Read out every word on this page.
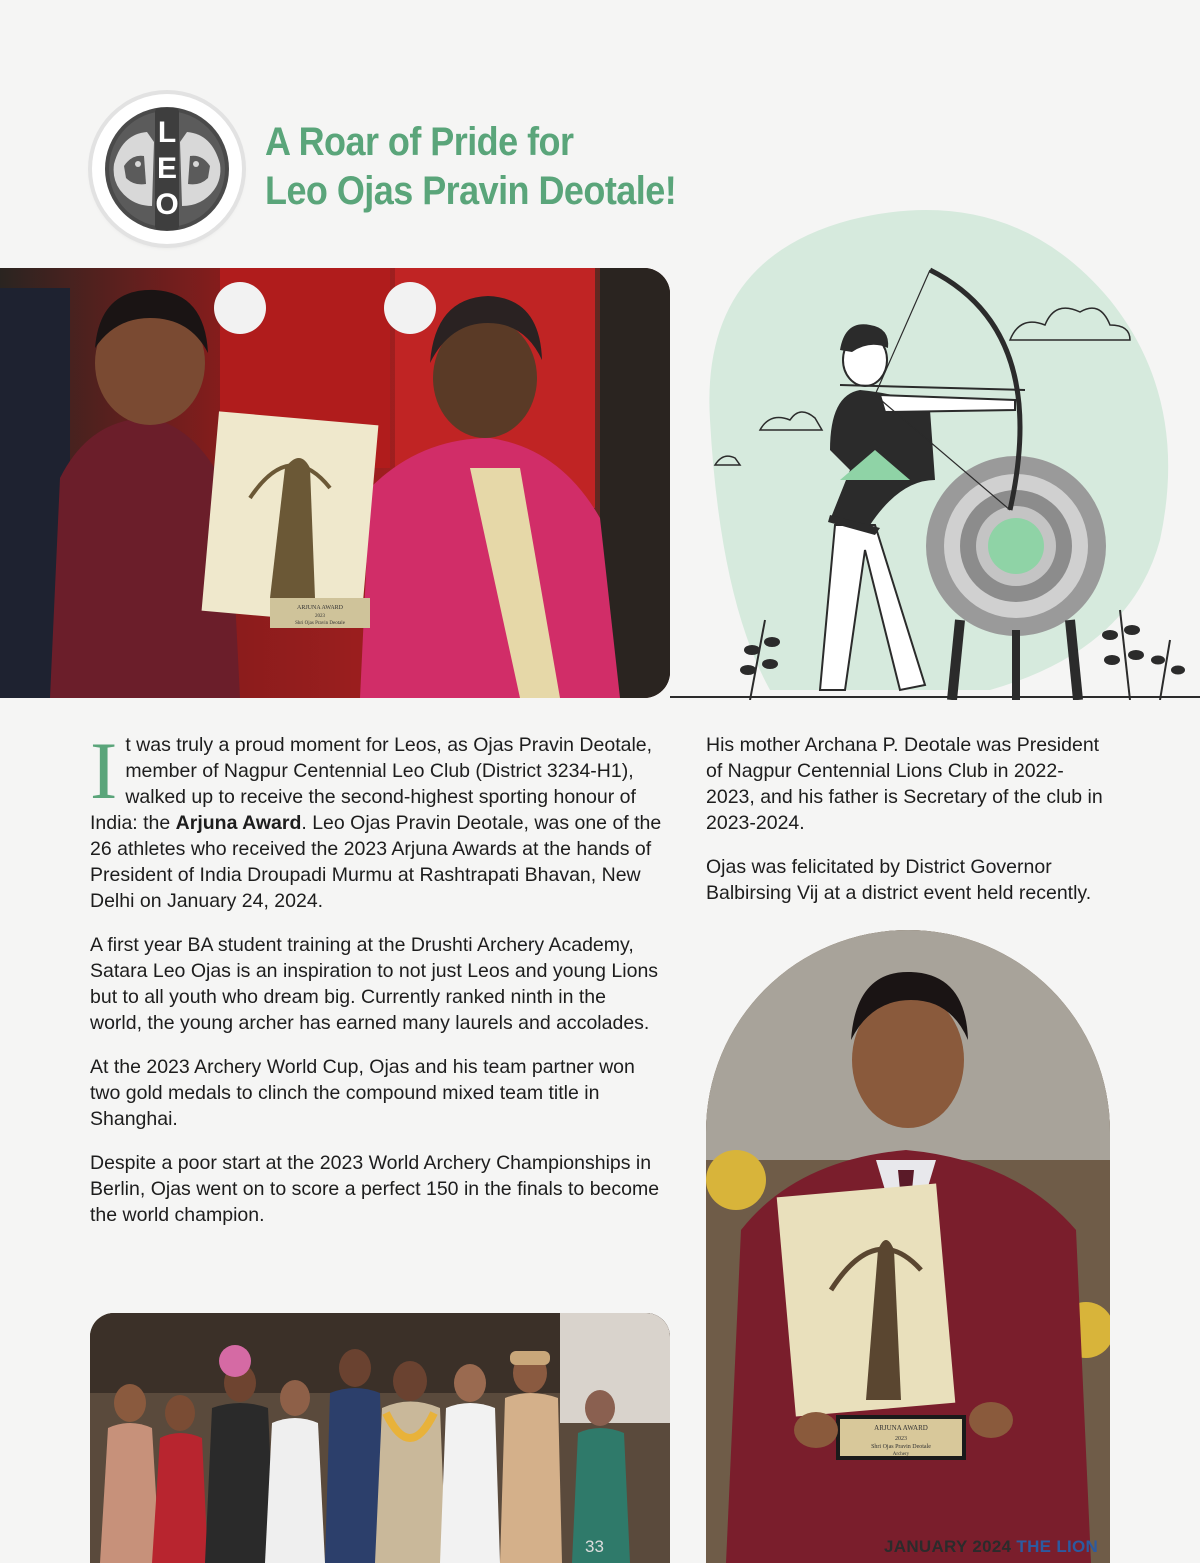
L
E
O
A Roar of Pride for
Leo Ojas Pravin Deotale!
ARJUNA AWARD
2023
Shri Ojas Pravin Deotale

I t was truly a proud moment for Leos, as Ojas Pravin Deotale, member of Nagpur Centennial Leo Club (District 3234-H1), walked up to receive the second-highest sporting honour of India: the Arjuna Award. Leo Ojas Pravin Deotale, was one of the 26 athletes who received the 2023 Arjuna Awards at the hands of President of India Droupadi Murmu at Rashtrapati Bhavan, New Delhi on January 24, 2024.

A first year BA student training at the Drushti Archery Academy, Satara Leo Ojas is an inspiration to not just Leos and young Lions but to all youth who dream big. Currently ranked ninth in the world, the young archer has earned many laurels and accolades.

At the 2023 Archery World Cup, Ojas and his team partner won two gold medals to clinch the compound mixed team title in Shanghai.

Despite a poor start at the 2023 World Archery Championships in Berlin, Ojas went on to score a perfect 150 in the finals to become the world champion.

His mother Archana P. Deotale was President of Nagpur Centennial Lions Club in 2022-2023, and his father is Secretary of the club in 2023-2024.

Ojas was felicitated by District Governor Balbirsing Vij at a district event held recently.

ARJUNA AWARD
2023
Shri Ojas Pravin Deotale
Archery
33	JANUARY 2024 THE LION
